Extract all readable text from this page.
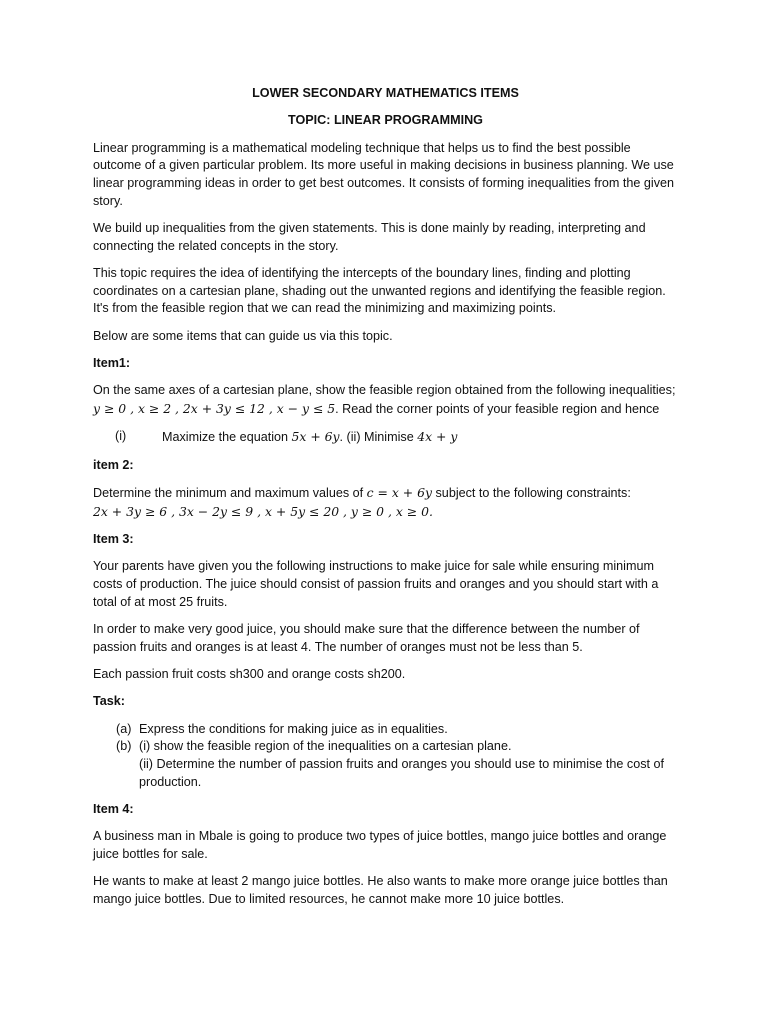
LOWER SECONDARY MATHEMATICS ITEMS

TOPIC: LINEAR PROGRAMMING

Linear programming is a mathematical modeling technique that helps us to find the best possible outcome of a given particular problem. Its more useful in making decisions in business planning. We use linear programming ideas in order to get best outcomes. It consists of forming inequalities from the given story.

We build up inequalities from the given statements. This is done mainly by reading, interpreting and connecting the related concepts in the story.

This topic requires the idea of identifying the intercepts of the boundary lines, finding and plotting coordinates on a cartesian plane, shading out the unwanted regions and identifying the feasible region. It's from the feasible region that we can read the minimizing and maximizing points.

Below are some items that can guide us via this topic.

Item1:

On the same axes of a cartesian plane, show the feasible region obtained from the following inequalities; y ≥ 0 , x ≥ 2 , 2x + 3y ≤ 12 , x − y ≤ 5. Read the corner points of your feasible region and hence

(i)	Maximize the equation 5x + 6y. (ii) Minimise 4x + y

item 2:

Determine the minimum and maximum values of c = x + 6y subject to the following constraints:
2x + 3y ≥ 6 , 3x − 2y ≤ 9 , x + 5y ≤ 20 , y ≥ 0 , x ≥ 0.

Item 3:

Your parents have given you the following instructions to make juice for sale while ensuring minimum costs of production. The juice should consist of passion fruits and oranges and you should start with a total of at most 25 fruits.

In order to make very good juice, you should make sure that the difference between the number of passion fruits and oranges is at least 4. The number of oranges must not be less than 5.

Each passion fruit costs sh300 and orange costs sh200.

Task:

(a) Express the conditions for making juice as in equalities.
(b) (i) show the feasible region of the inequalities on a cartesian plane.
(ii) Determine the number of passion fruits and oranges you should use to minimise the cost of production.

Item 4:

A business man in Mbale is going to produce two types of juice bottles, mango juice bottles and orange juice bottles for sale.

He wants to make at least 2 mango juice bottles. He also wants to make more orange juice bottles than mango juice bottles. Due to limited resources, he cannot make more 10 juice bottles.
